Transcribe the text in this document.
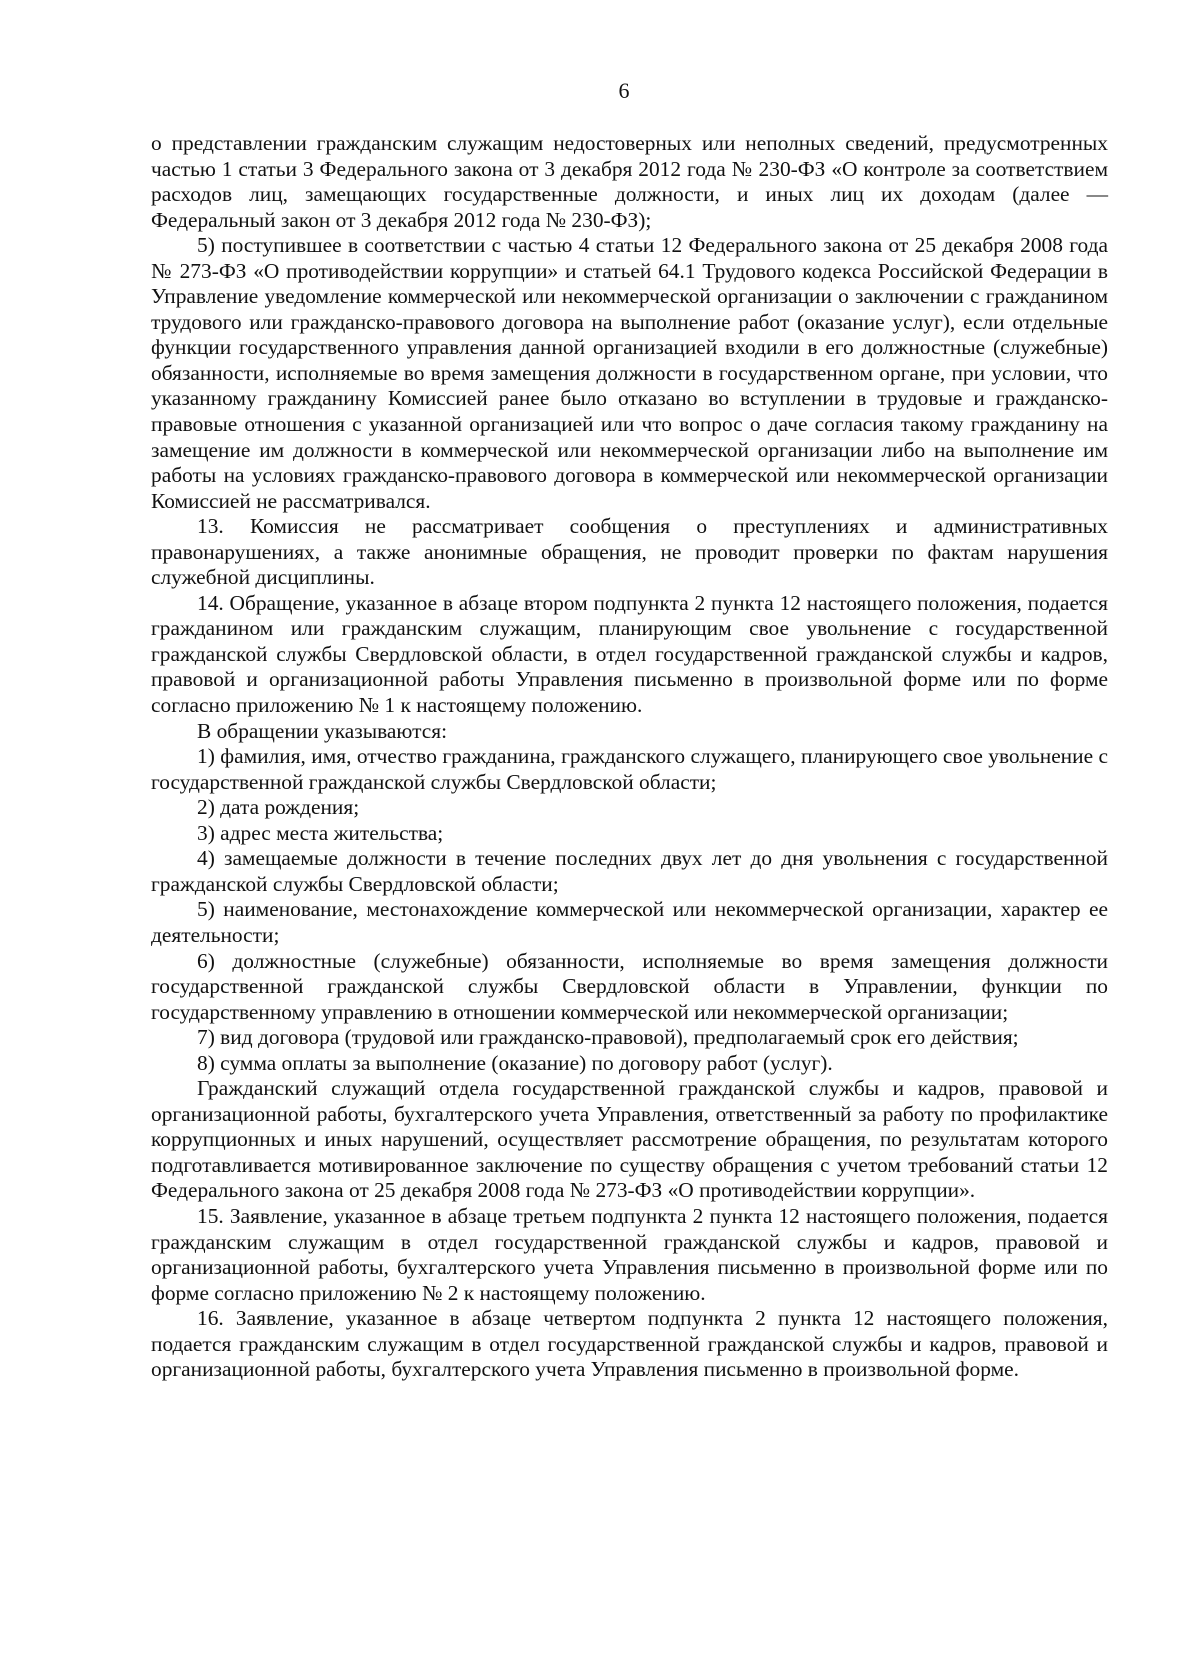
6

о представлении гражданским служащим недостоверных или неполных сведений, предусмотренных частью 1 статьи 3 Федерального закона от 3 декабря 2012 года № 230-ФЗ «О контроле за соответствием расходов лиц, замещающих государственные должности, и иных лиц их доходам (далее — Федеральный закон от 3 декабря 2012 года № 230-ФЗ);

5) поступившее в соответствии с частью 4 статьи 12 Федерального закона от 25 декабря 2008 года № 273-ФЗ «О противодействии коррупции» и статьей 64.1 Трудового кодекса Российской Федерации в Управление уведомление коммерческой или некоммерческой организации о заключении с гражданином трудового или гражданско-правового договора на выполнение работ (оказание услуг), если отдельные функции государственного управления данной организацией входили в его должностные (служебные) обязанности, исполняемые во время замещения должности в государственном органе, при условии, что указанному гражданину Комиссией ранее было отказано во вступлении в трудовые и гражданско-правовые отношения с указанной организацией или что вопрос о даче согласия такому гражданину на замещение им должности в коммерческой или некоммерческой организации либо на выполнение им работы на условиях гражданско-правового договора в коммерческой или некоммерческой организации Комиссией не рассматривался.

13. Комиссия не рассматривает сообщения о преступлениях и административных правонарушениях, а также анонимные обращения, не проводит проверки по фактам нарушения служебной дисциплины.

14. Обращение, указанное в абзаце втором подпункта 2 пункта 12 настоящего положения, подается гражданином или гражданским служащим, планирующим свое увольнение с государственной гражданской службы Свердловской области, в отдел государственной гражданской службы и кадров, правовой и организационной работы Управления письменно в произвольной форме или по форме согласно приложению № 1 к настоящему положению.

В обращении указываются:

1) фамилия, имя, отчество гражданина, гражданского служащего, планирующего свое увольнение с государственной гражданской службы Свердловской области;

2) дата рождения;

3) адрес места жительства;

4) замещаемые должности в течение последних двух лет до дня увольнения с государственной гражданской службы Свердловской области;

5) наименование, местонахождение коммерческой или некоммерческой организации, характер ее деятельности;

6) должностные (служебные) обязанности, исполняемые во время замещения должности государственной гражданской службы Свердловской области в Управлении, функции по государственному управлению в отношении коммерческой или некоммерческой организации;

7) вид договора (трудовой или гражданско-правовой), предполагаемый срок его действия;

8) сумма оплаты за выполнение (оказание) по договору работ (услуг).

Гражданский служащий отдела государственной гражданской службы и кадров, правовой и организационной работы, бухгалтерского учета Управления, ответственный за работу по профилактике коррупционных и иных нарушений, осуществляет рассмотрение обращения, по результатам которого подготавливается мотивированное заключение по существу обращения с учетом требований статьи 12 Федерального закона от 25 декабря 2008 года № 273-ФЗ «О противодействии коррупции».

15. Заявление, указанное в абзаце третьем подпункта 2 пункта 12 настоящего положения, подается гражданским служащим в отдел государственной гражданской службы и кадров, правовой и организационной работы, бухгалтерского учета Управления письменно в произвольной форме или по форме согласно приложению № 2 к настоящему положению.

16. Заявление, указанное в абзаце четвертом подпункта 2 пункта 12 настоящего положения, подается гражданским служащим в отдел государственной гражданской службы и кадров, правовой и организационной работы, бухгалтерского учета Управления письменно в произвольной форме.
